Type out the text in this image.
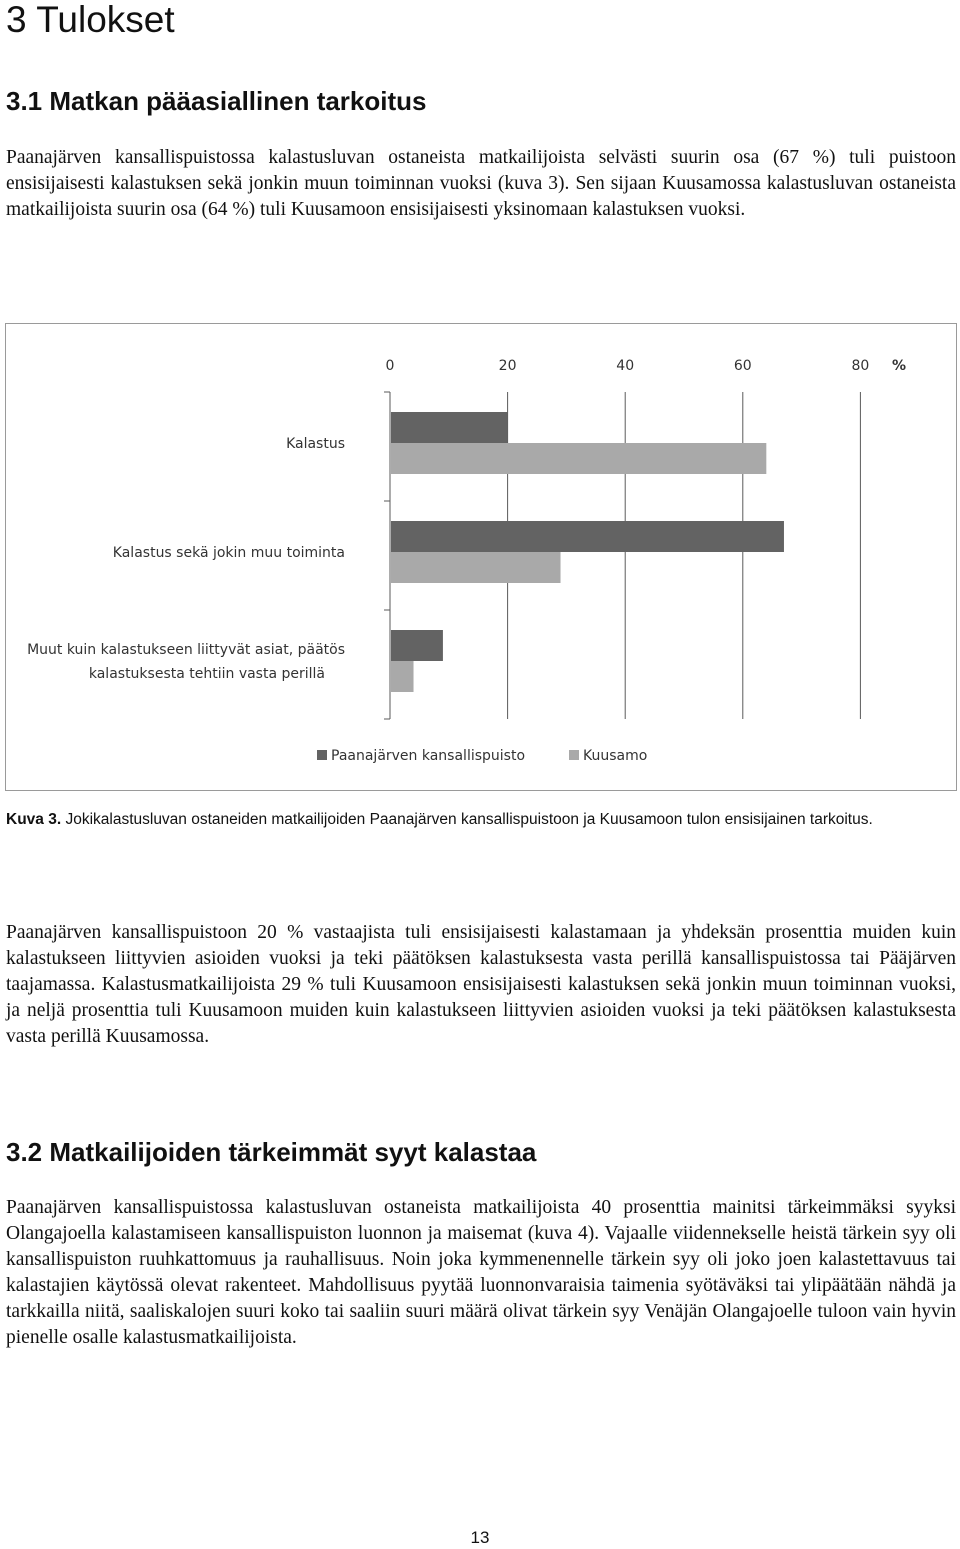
3 Tulokset
3.1 Matkan pääasiallinen tarkoitus

Paanajärven kansallispuistossa kalastusluvan ostaneista matkailijoista selvästi suurin osa (67 %) tuli puistoon ensisijaisesti kalastuksen sekä jonkin muun toiminnan vuoksi (kuva 3). Sen sijaan Kuusamossa kalastusluvan ostaneista matkailijoista suurin osa (64 %) tuli Kuusamoon ensisijaisesti yksinomaan kalastuksen vuoksi.

0	20	40	60	80 %
Kalastus
Kalastus sekä jokin muu toiminta
Muut kuin kalastukseen liittyvät asiat, päätös
kalastuksesta tehtiin vasta perillä
Paanajärven kansallispuisto	Kuusamo

Kuva 3. Jokikalastusluvan ostaneiden matkailijoiden Paanajärven kansallispuistoon ja Kuusamoon tulon ensisijainen tarkoitus.

Paanajärven kansallispuistoon 20 % vastaajista tuli ensisijaisesti kalastamaan ja yhdeksän prosenttia muiden kuin kalastukseen liittyvien asioiden vuoksi ja teki päätöksen kalastuksesta vasta perillä kansallispuistossa tai Pääjärven taajamassa. Kalastusmatkailijoista 29 % tuli Kuusamoon ensisijaisesti kalastuksen sekä jonkin muun toiminnan vuoksi, ja neljä prosenttia tuli Kuusamoon muiden kuin kalastukseen liittyvien asioiden vuoksi ja teki päätöksen kalastuksesta vasta perillä Kuusamossa.

3.2 Matkailijoiden tärkeimmät syyt kalastaa

Paanajärven kansallispuistossa kalastusluvan ostaneista matkailijoista 40 prosenttia mainitsi tärkeimmäksi syyksi Olangajoella kalastamiseen kansallispuiston luonnon ja maisemat (kuva 4). Vajaalle viidennekselle heistä tärkein syy oli kansallispuiston ruuhkattomuus ja rauhallisuus. Noin joka kymmenennelle tärkein syy oli joko joen kalastettavuus tai kalastajien käytössä olevat rakenteet. Mahdollisuus pyytää luonnonvaraisia taimenia syötäväksi tai ylipäätään nähdä ja tarkkailla niitä, saaliskalojen suuri koko tai saaliin suuri määrä olivat tärkein syy Venäjän Olangajoelle tuloon vain hyvin pienelle osalle kalastusmatkailijoista.

13
